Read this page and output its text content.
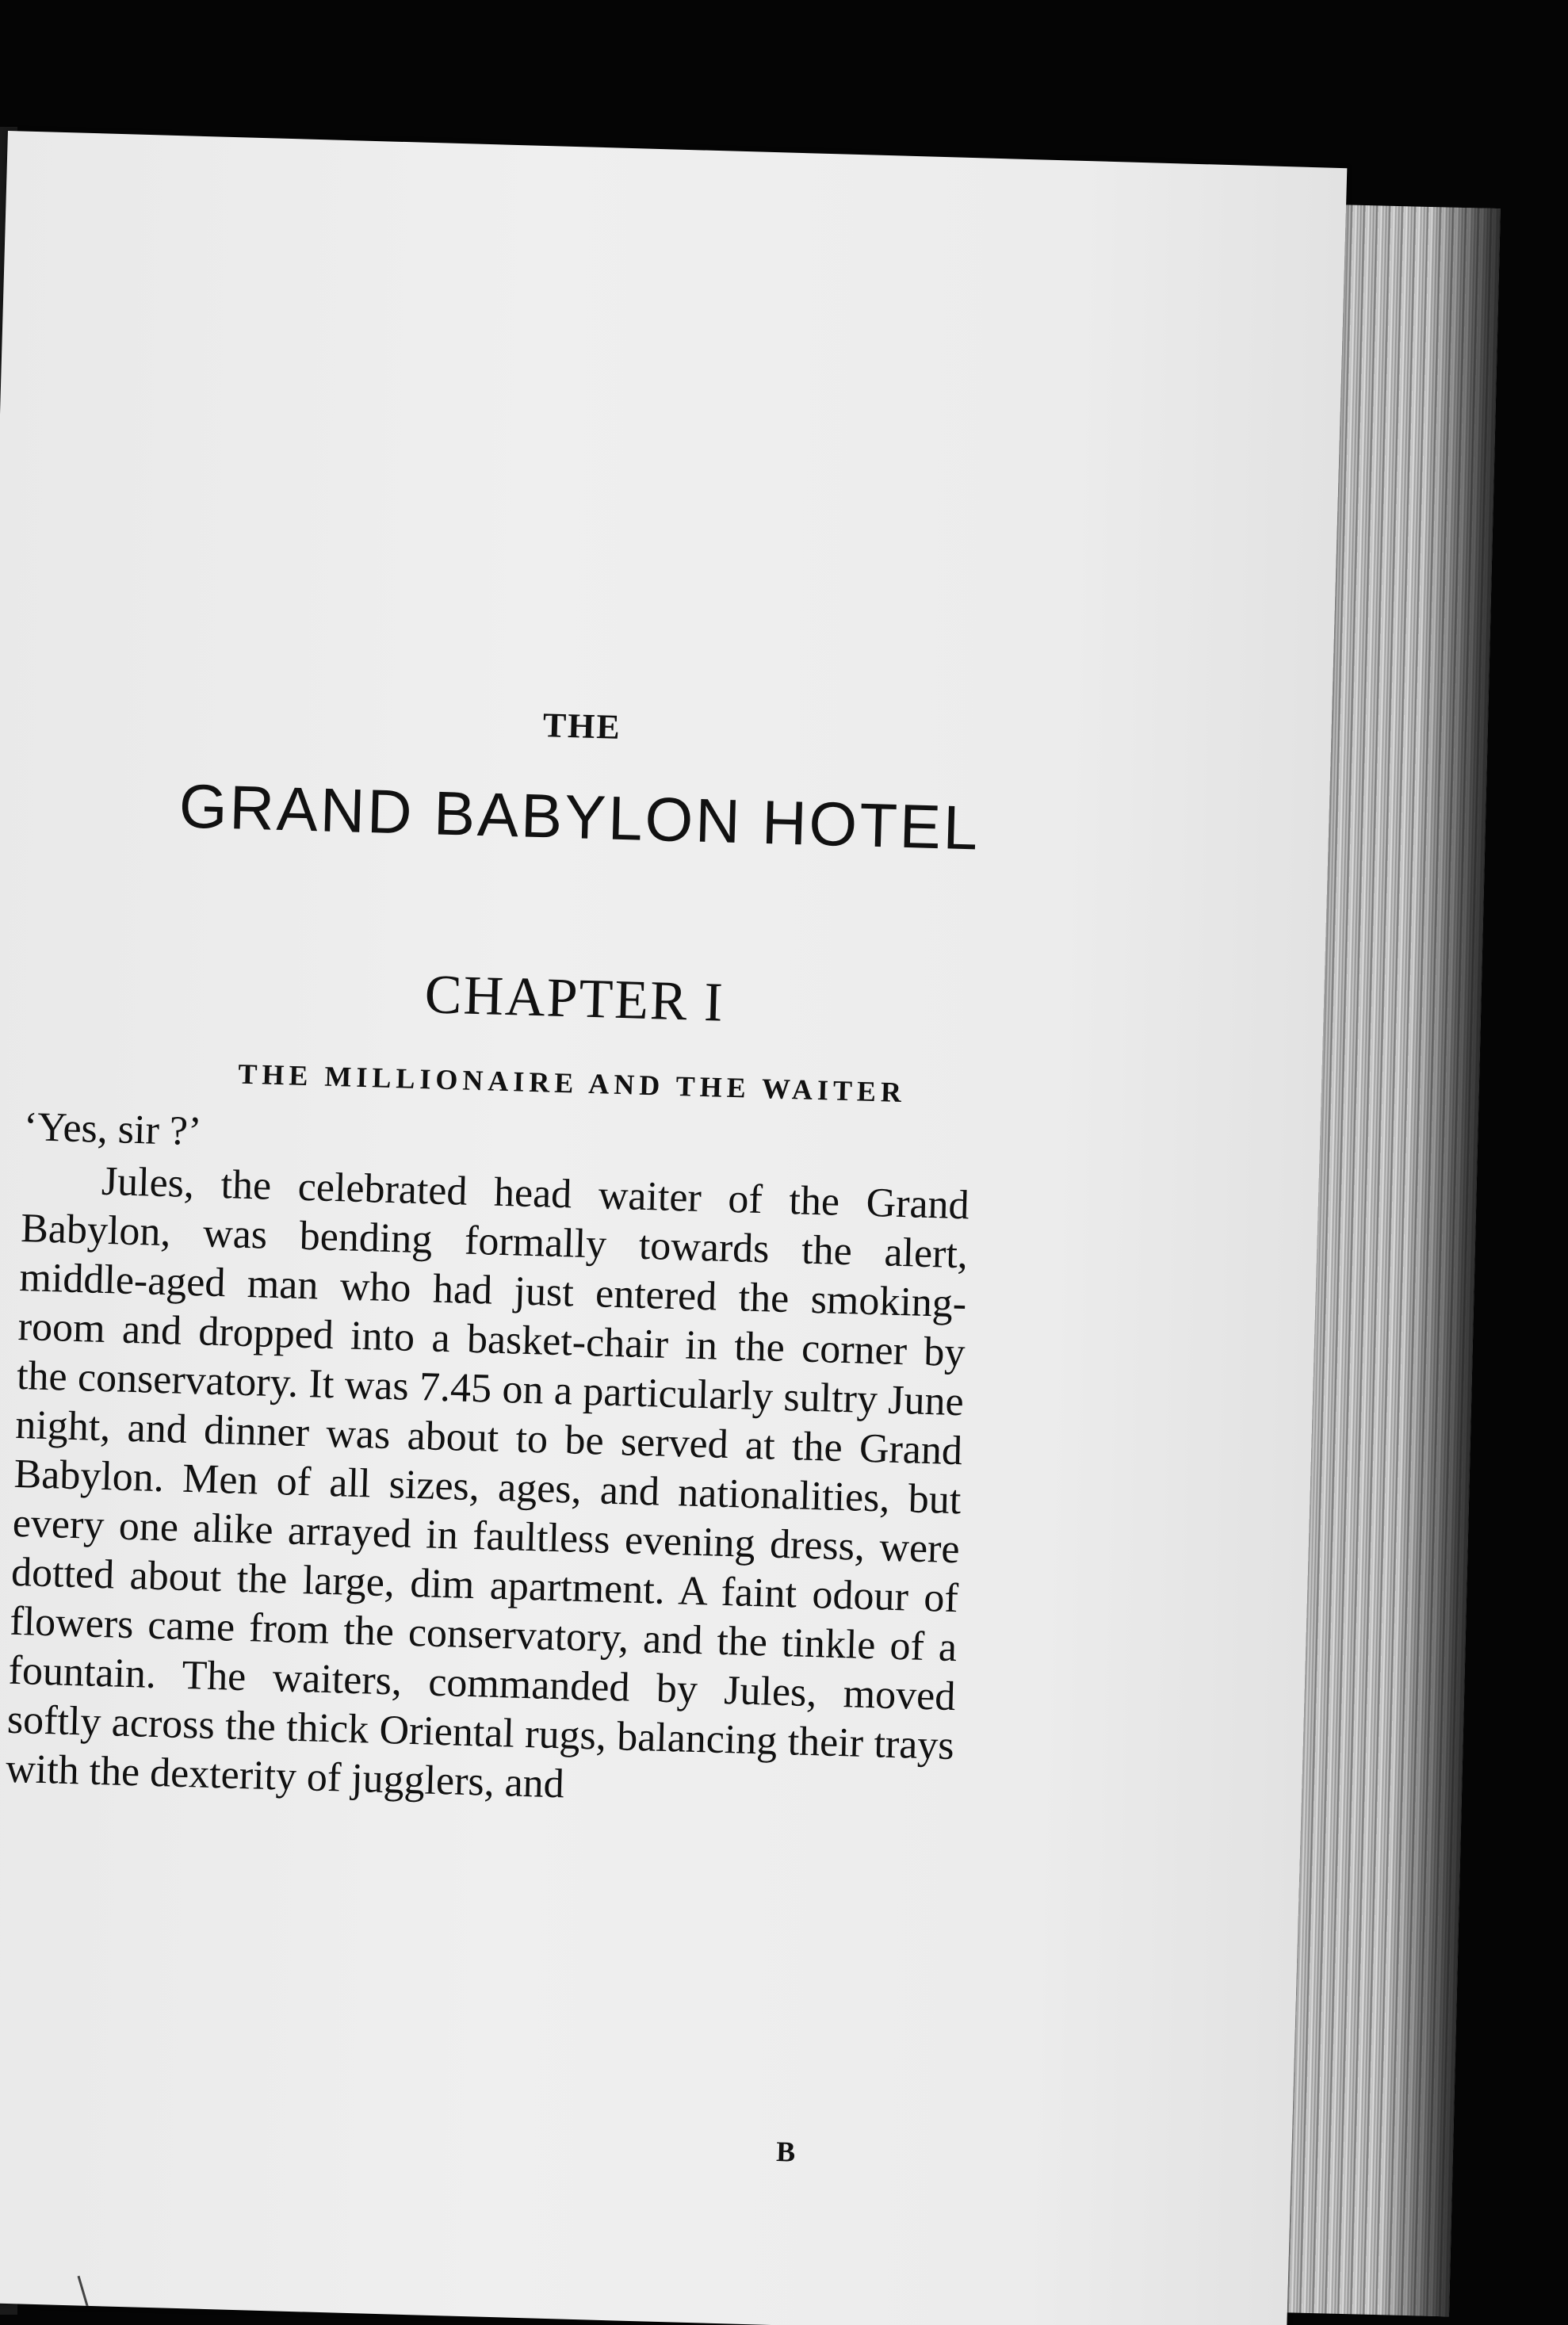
THE
GRAND BABYLON HOTEL
CHAPTER I
THE MILLIONAIRE AND THE WAITER
‘Yes, sir ?’

Jules, the celebrated head waiter of the Grand Babylon, was bending formally towards the alert, middle-aged man who had just entered the smoking-room and dropped into a basket-chair in the corner by the conservatory. It was 7.45 on a particularly sultry June night, and dinner was about to be served at the Grand Babylon. Men of all sizes, ages, and nationalities, but every one alike arrayed in faultless evening dress, were dotted about the large, dim apartment. A faint odour of flowers came from the conservatory, and the tinkle of a fountain. The waiters, commanded by Jules, moved softly across the thick Oriental rugs, balancing their trays with the dexterity of jugglers, and

B
